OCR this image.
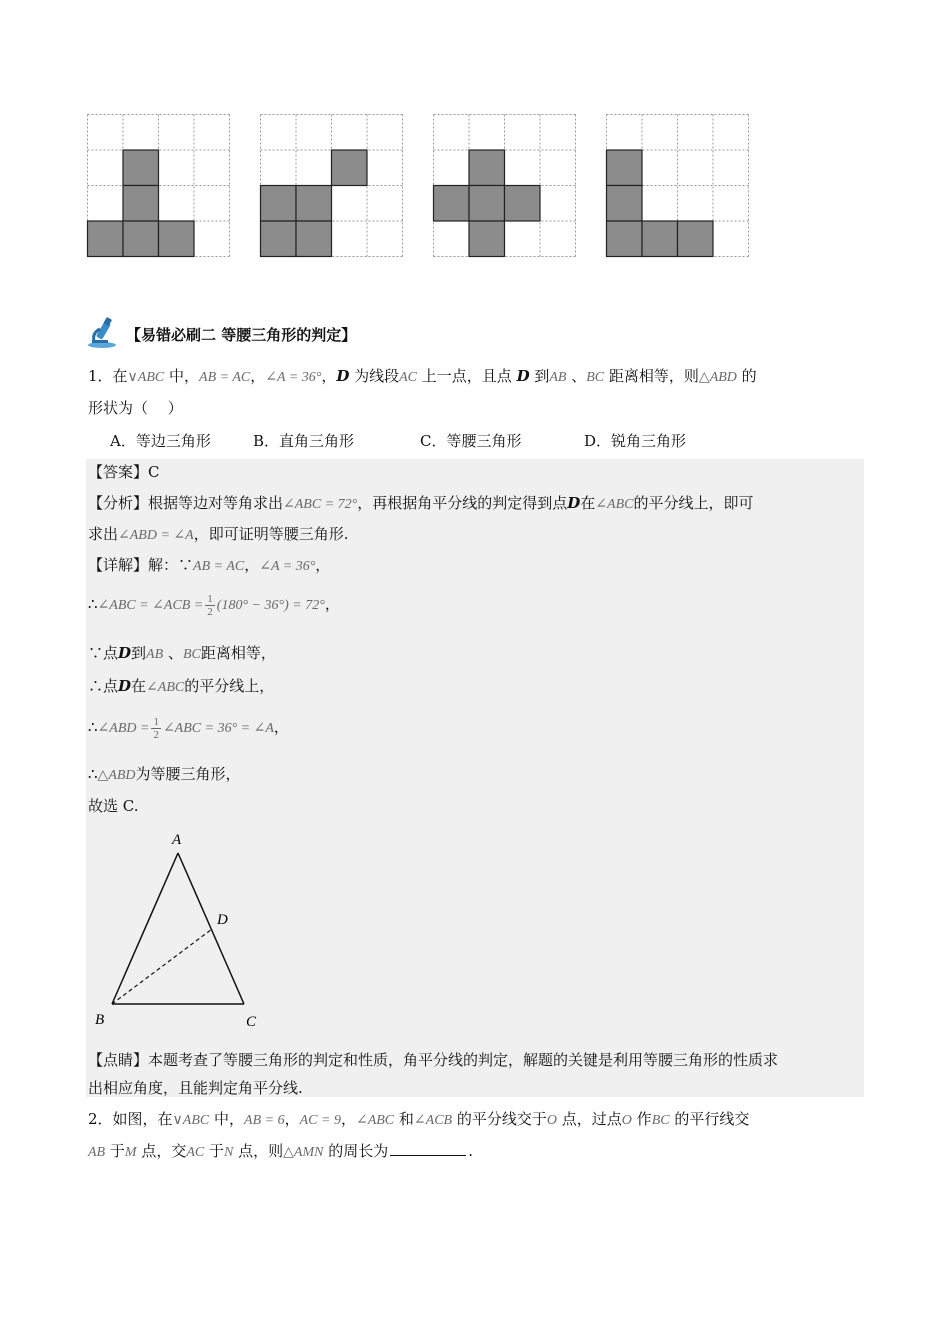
【易错必刷二 等腰三角形的判定】
1．在∨ABC 中，AB = AC，∠A = 36°，D 为线段AC 上一点，且点 D 到AB 、BC 距离相等，则△ABD 的
形状为（　 ）
A．等边三角形	B．直角三角形	C．等腰三角形	D．锐角三角形
【答案】C
【分析】根据等边对等角求出∠ABC = 72°，再根据角平分线的判定得到点D在∠ABC的平分线上，即可
求出∠ABD = ∠A，即可证明等腰三角形.
【详解】解：∵AB = AC，∠A = 36°，
∴∠ABC = ∠ACB = $\frac{1}{2} (180^\circ - 36^\circ) = 72^\circ$，
∵点D到AB 、BC距离相等，
∴点D在∠ABC的平分线上，
∴∠ABD = $\frac{1}{2}$ ∠ABC = 36° = ∠A，
∴△ABD为等腰三角形，
故选 C.
A
D
B	C
【点睛】本题考查了等腰三角形的判定和性质，角平分线的判定，解题的关键是利用等腰三角形的性质求
出相应角度，且能判定角平分线.
2．如图，在∨ABC 中，AB = 6，AC = 9，∠ABC 和∠ACB 的平分线交于O 点，过点O 作BC 的平行线交
AB 于M 点，交AC 于N 点，则△AMN 的周长为	.
